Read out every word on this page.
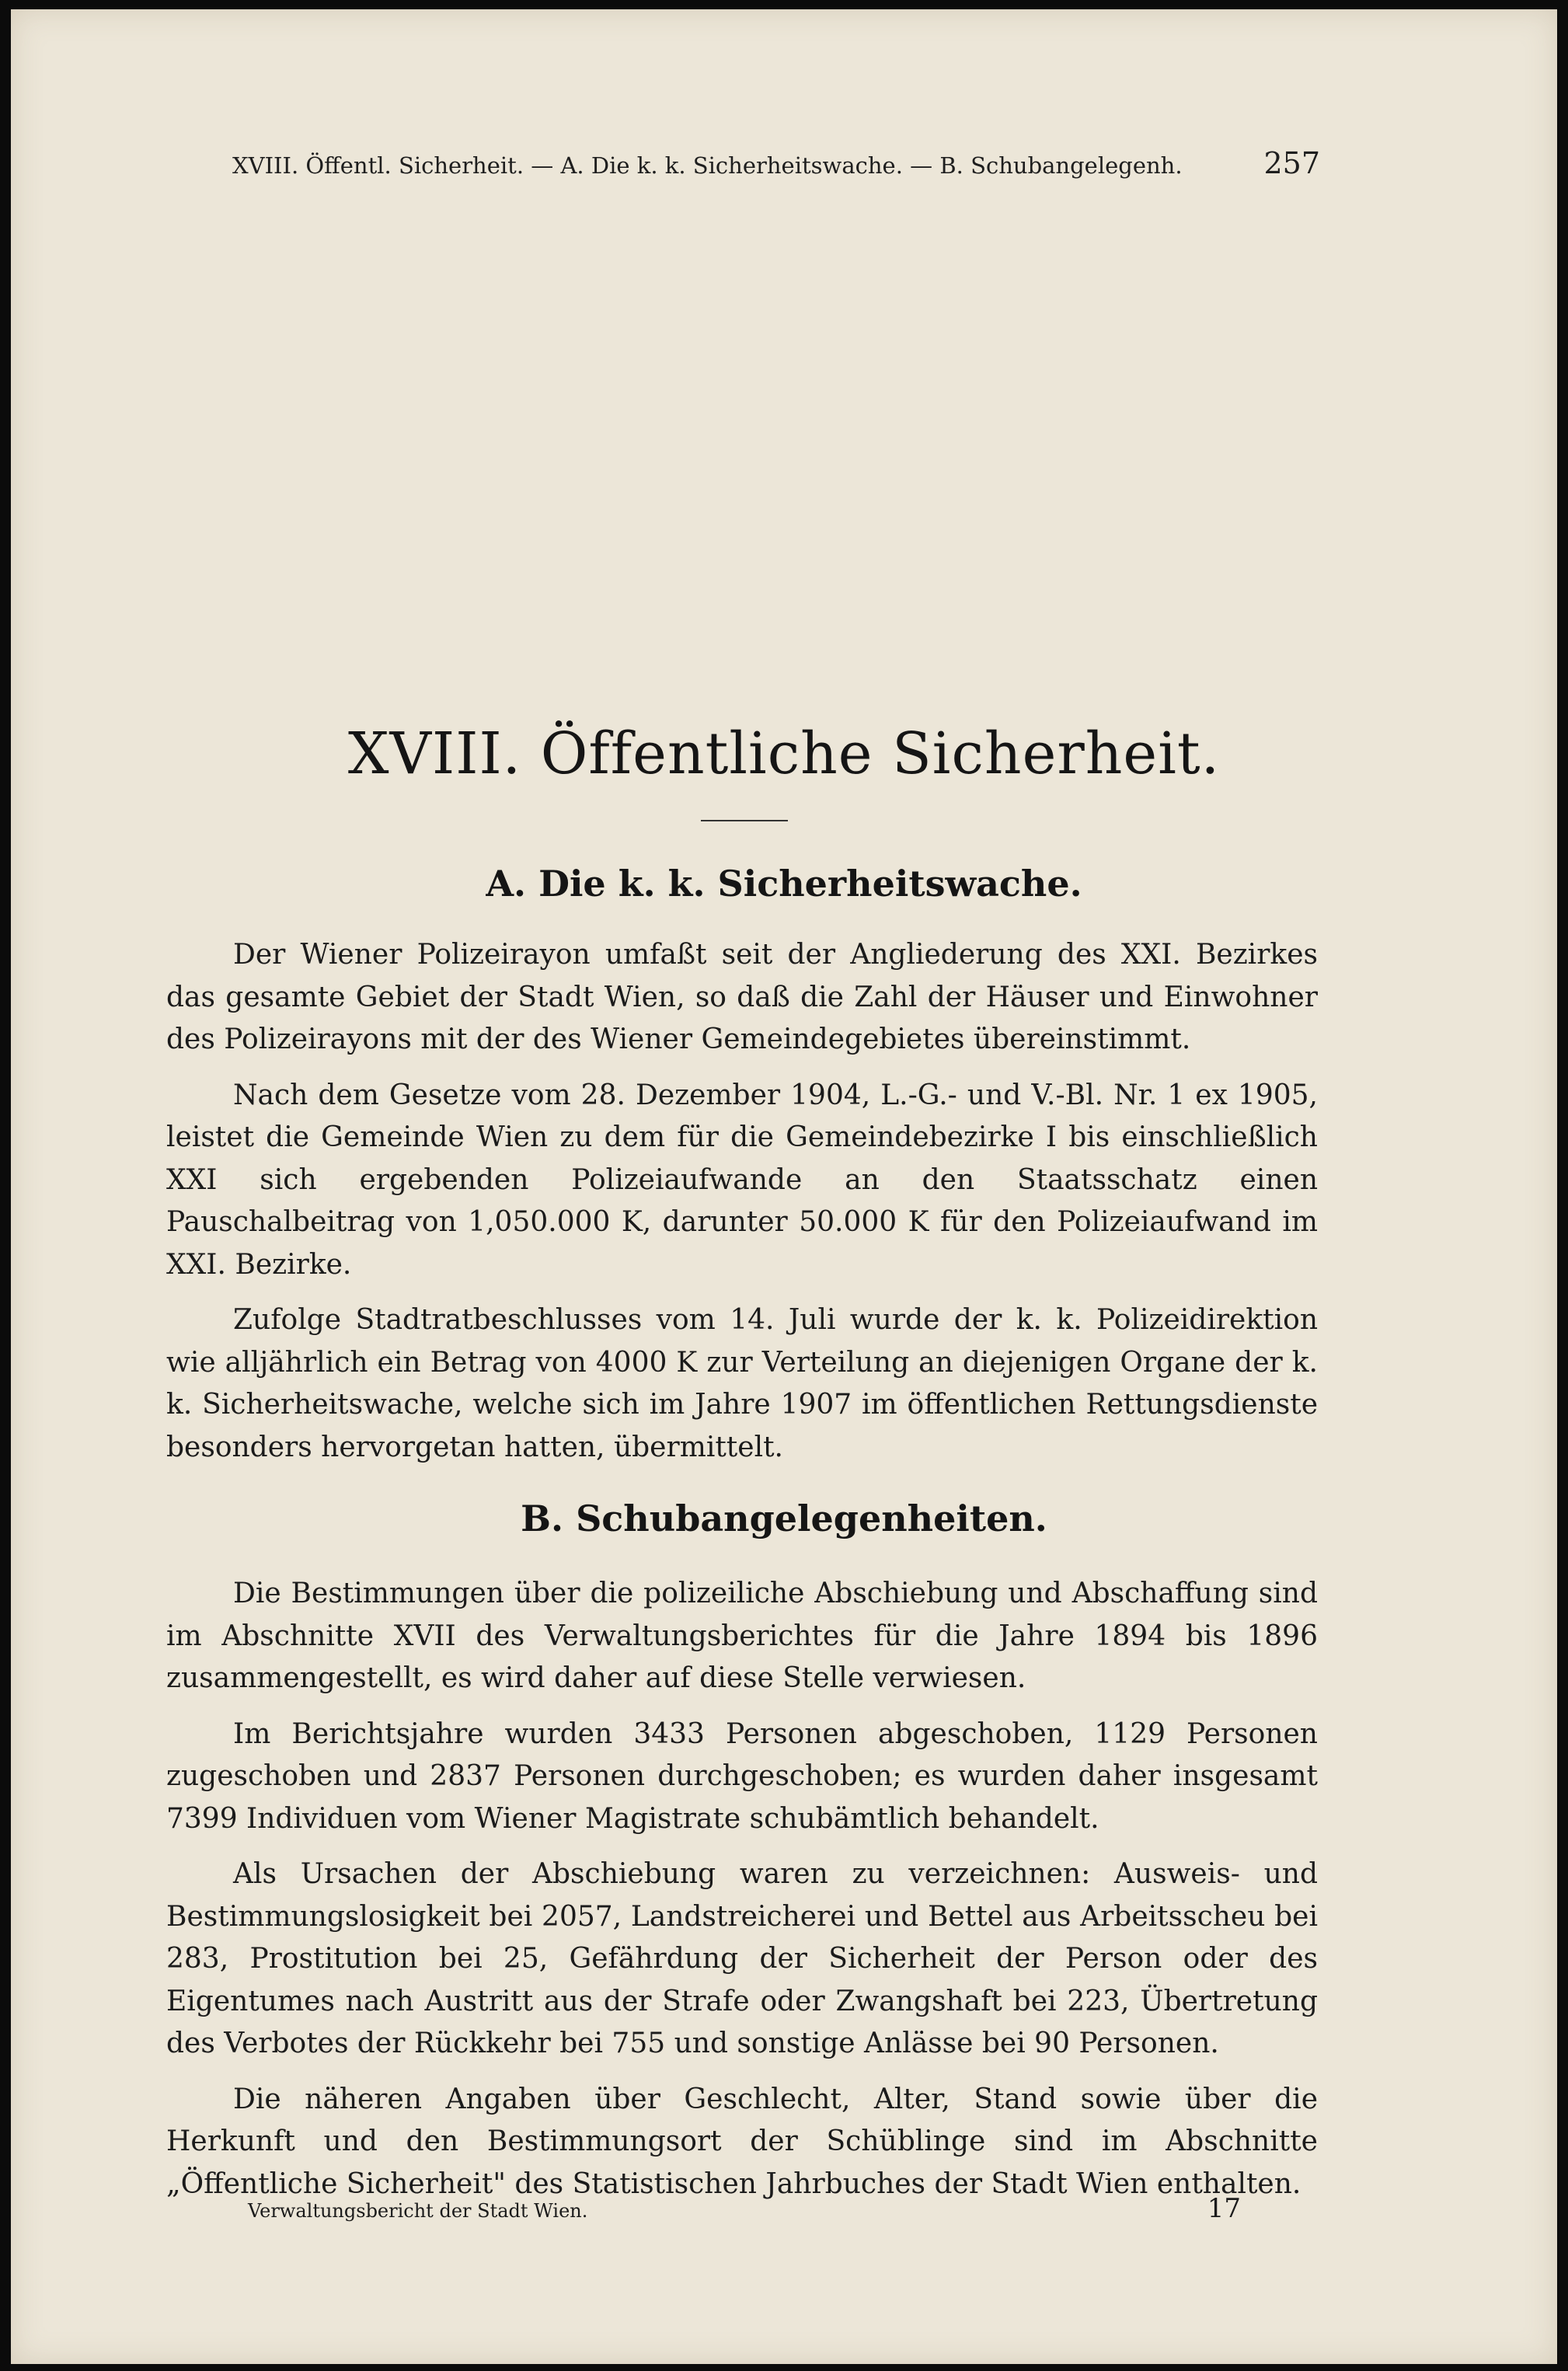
XVIII. Öffentl. Sicherheit. — A. Die k. k. Sicherheitswache. — B. Schubangelegenh.	257
XVIII. Öffentliche Sicherheit.
A. Die k. k. Sicherheitswache.

Der Wiener Polizeirayon umfaßt seit der Angliederung des XXI. Bezirkes das gesamte Gebiet der Stadt Wien, so daß die Zahl der Häuser und Einwohner des Polizeirayons mit der des Wiener Gemeindegebietes übereinstimmt.

Nach dem Gesetze vom 28. Dezember 1904, L.-G.- und V.-Bl. Nr. 1 ex 1905, leistet die Gemeinde Wien zu dem für die Gemeindebezirke I bis einschließlich XXI sich ergebenden Polizeiaufwande an den Staatsschatz einen Pauschalbeitrag von 1,050.000 K, darunter 50.000 K für den Polizeiaufwand im XXI. Bezirke.

Zufolge Stadtratbeschlusses vom 14. Juli wurde der k. k. Polizeidirektion wie alljährlich ein Betrag von 4000 K zur Verteilung an diejenigen Organe der k. k. Sicherheitswache, welche sich im Jahre 1907 im öffentlichen Rettungsdienste besonders hervorgetan hatten, übermittelt.

B. Schubangelegenheiten.

Die Bestimmungen über die polizeiliche Abschiebung und Abschaffung sind im Abschnitte XVII des Verwaltungsberichtes für die Jahre 1894 bis 1896 zusammengestellt, es wird daher auf diese Stelle verwiesen.

Im Berichtsjahre wurden 3433 Personen abgeschoben, 1129 Personen zugeschoben und 2837 Personen durchgeschoben; es wurden daher insgesamt 7399 Individuen vom Wiener Magistrate schubämtlich behandelt.

Als Ursachen der Abschiebung waren zu verzeichnen: Ausweis- und Bestimmungslosigkeit bei 2057, Landstreicherei und Bettel aus Arbeitsscheu bei 283, Prostitution bei 25, Gefährdung der Sicherheit der Person oder des Eigentumes nach Austritt aus der Strafe oder Zwangshaft bei 223, Übertretung des Verbotes der Rückkehr bei 755 und sonstige Anlässe bei 90 Personen.

Die näheren Angaben über Geschlecht, Alter, Stand sowie über die Herkunft und den Bestimmungsort der Schüblinge sind im Abschnitte „Öffentliche Sicherheit" des Statistischen Jahrbuches der Stadt Wien enthalten.

Verwaltungsbericht der Stadt Wien.	17
